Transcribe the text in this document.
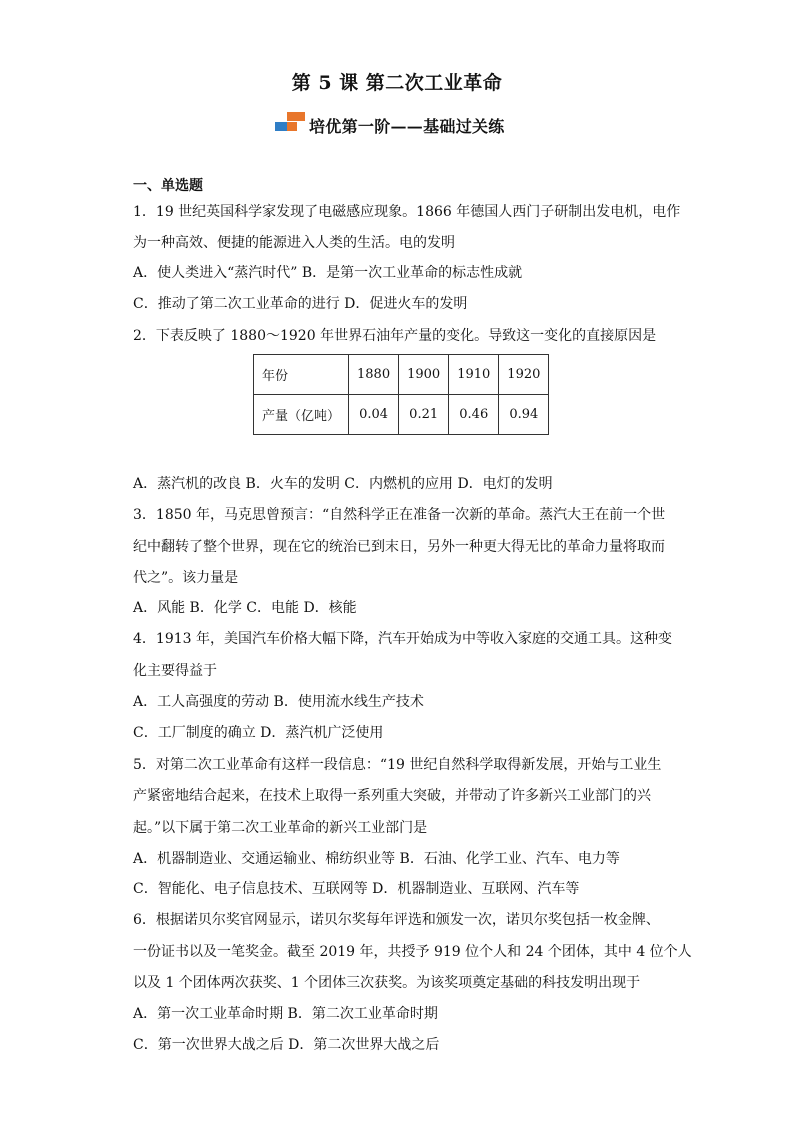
第 5 课 第二次工业革命
培优第一阶——基础过关练
一、单选题
1．19 世纪英国科学家发现了电磁感应现象。1866 年德国人西门子研制出发电机，电作
为一种高效、便捷的能源进入人类的生活。电的发明
A．使人类进入“蒸汽时代” B．是第一次工业革命的标志性成就
C．推动了第二次工业革命的进行 D．促进火车的发明
2．下表反映了 1880～1920 年世界石油年产量的变化。导致这一变化的直接原因是
年份	1880	1900	1910	1920
产量（亿吨）	0.04	0.21	0.46	0.94
A．蒸汽机的改良 B．火车的发明 C．内燃机的应用 D．电灯的发明
3．1850 年，马克思曾预言：“自然科学正在准备一次新的革命。蒸汽大王在前一个世
纪中翻转了整个世界，现在它的统治已到末日，另外一种更大得无比的革命力量将取而
代之”。该力量是
A．风能 B．化学 C．电能 D．核能
4．1913 年，美国汽车价格大幅下降，汽车开始成为中等收入家庭的交通工具。这种变
化主要得益于
A．工人高强度的劳动 B．使用流水线生产技术
C．工厂制度的确立 D．蒸汽机广泛使用
5．对第二次工业革命有这样一段信息：“19 世纪自然科学取得新发展，开始与工业生
产紧密地结合起来，在技术上取得一系列重大突破，并带动了许多新兴工业部门的兴
起。”以下属于第二次工业革命的新兴工业部门是
A．机器制造业、交通运输业、棉纺织业等 B．石油、化学工业、汽车、电力等
C．智能化、电子信息技术、互联网等 D．机器制造业、互联网、汽车等
6．根据诺贝尔奖官网显示，诺贝尔奖每年评选和颁发一次，诺贝尔奖包括一枚金牌、
一份证书以及一笔奖金。截至 2019 年，共授予 919 位个人和 24 个团体，其中 4 位个人
以及 1 个团体两次获奖、1 个团体三次获奖。为该奖项奠定基础的科技发明出现于
A．第一次工业革命时期 B．第二次工业革命时期
C．第一次世界大战之后 D．第二次世界大战之后
